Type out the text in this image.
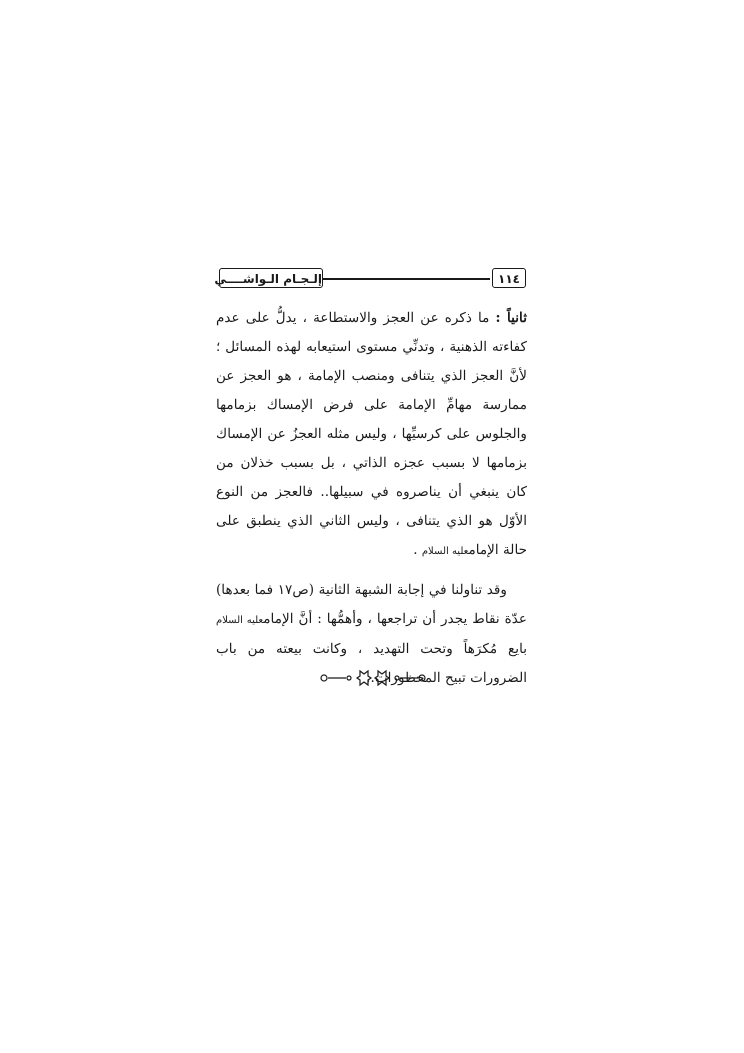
إلـجـام الـواشــــي	١١٤

ثانياً : ما ذكره عن العجز والاستطاعة ، يدلُّ على عدم كفاءته الذهنية ، وتدنِّي مستوى استيعابه لهذه المسائل ؛ لأنَّ العجز الذي يتنافى ومنصب الإمامة ، هو العجز عن ممارسة مهامِّ الإمامة على فرض الإمساك بزمامها والجلوس على كرسيِّها ، وليس مثله العجزُ عن الإمساك بزمامها لا بسبب عجزه الذاتي ، بل بسبب خذلان من كان ينبغي أن يناصروه في سبيلها.. فالعجز من النوع الأوّل هو الذي يتنافى ، وليس الثاني الذي ينطبق على حالة الإمامعليه السلام .

وقد تناولنا في إجابة الشبهة الثانية (ص١٧ فما بعدها) عدّة نقاط يجدر أن تراجعها ، وأهمُّها : أنَّ الإمامعليه السلام بايع مُكرَهاً وتحت التهديد ، وكانت بيعته من باب الضرورات تبيح المحظورات..
